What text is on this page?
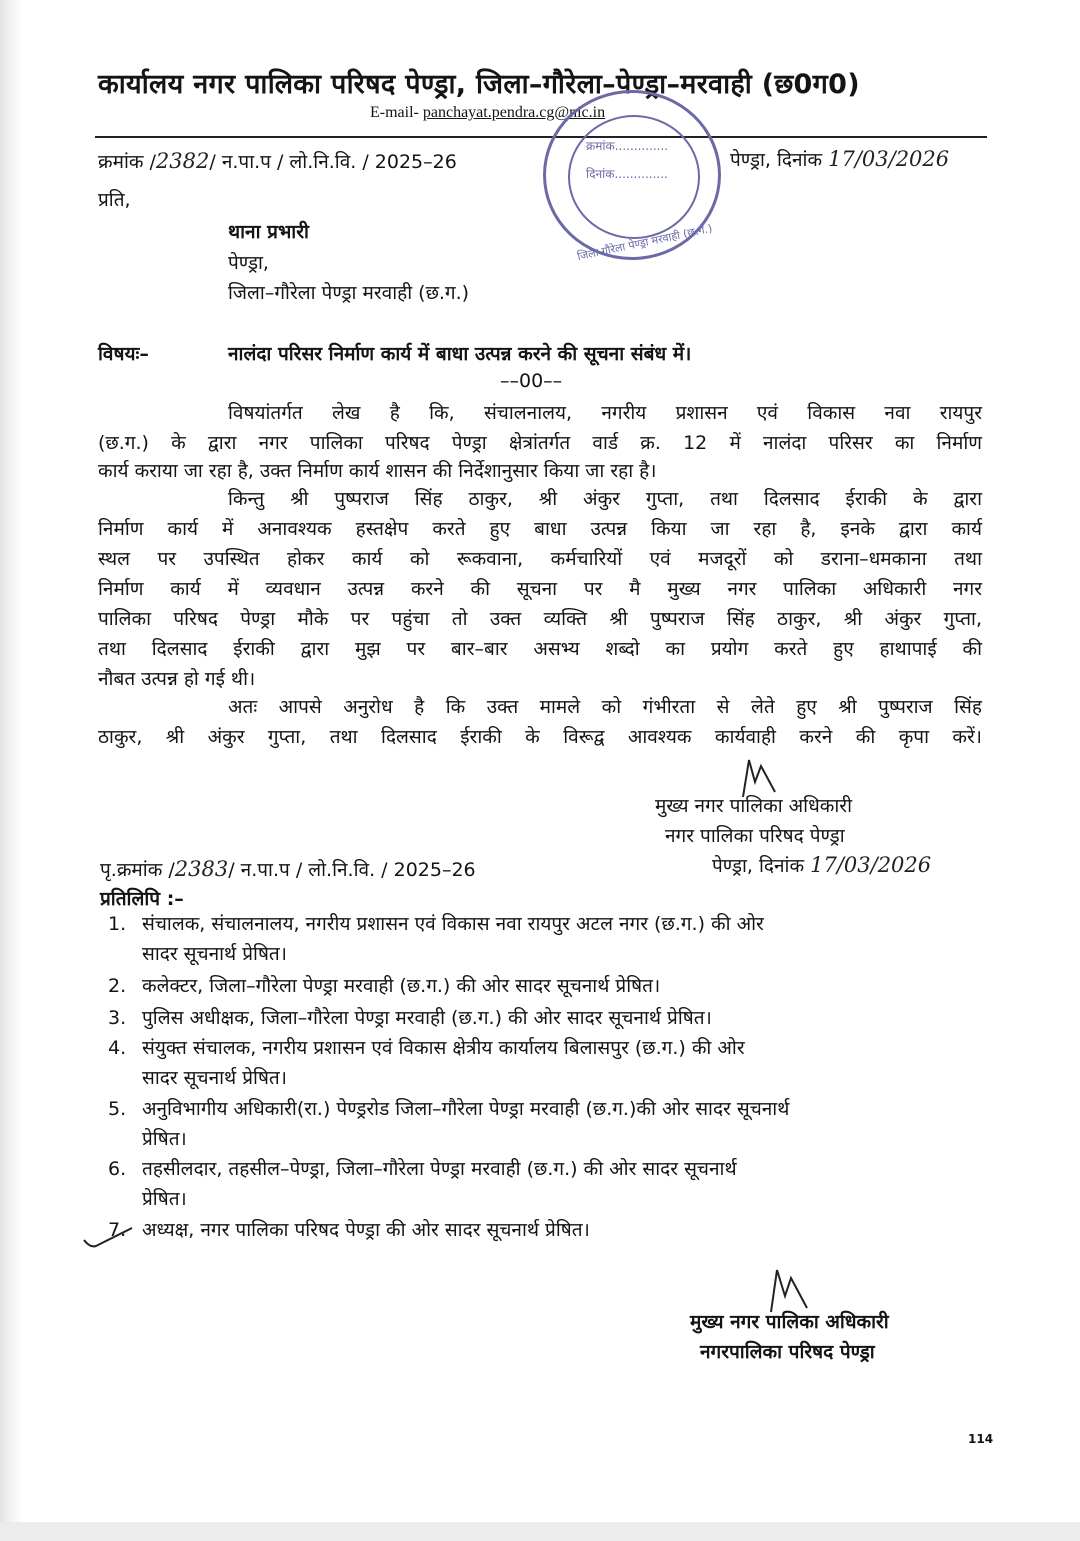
कार्यालय नगर पालिका परिषद पेण्ड्रा, जिला–गौरेला–पेण्ड्रा–मरवाही (छ0ग0)
E-mail- panchayat.pendra.cg@nic.in
क्रमांक..............
दिनांक..............
जिला गौरेला पेण्ड्रा मरवाही (छ.ग.)
क्रमांक /2382/ न.पा.प / लो.नि.वि. / 2025–26	पेण्ड्रा, दिनांक 17/03/2026
प्रति,
थाना प्रभारी
पेण्ड्रा,
जिला–गौरेला पेण्ड्रा मरवाही (छ.ग.)
विषयः–	नालंदा परिसर निर्माण कार्य में बाधा उत्पन्न करने की सूचना संबंध में।
––00––
विषयांतर्गत लेख है कि, संचालनालय, नगरीय प्रशासन एवं विकास नवा रायपुर
(छ.ग.) के द्वारा नगर पालिका परिषद पेण्ड्रा क्षेत्रांतर्गत वार्ड क्र. 12 में नालंदा परिसर का निर्माण
कार्य कराया जा रहा है, उक्त निर्माण कार्य शासन की निर्देशानुसार किया जा रहा है।
किन्तु श्री पुष्पराज सिंह ठाकुर, श्री अंकुर गुप्ता, तथा दिलसाद ईराकी के द्वारा
निर्माण कार्य में अनावश्यक हस्तक्षेप करते हुए बाधा उत्पन्न किया जा रहा है, इनके द्वारा कार्य
स्थल पर उपस्थित होकर कार्य को रूकवाना, कर्मचारियों एवं मजदूरों को डराना–धमकाना तथा
निर्माण कार्य में व्यवधान उत्पन्न करने की सूचना पर मै मुख्य नगर पालिका अधिकारी नगर
पालिका परिषद पेण्ड्रा मौके पर पहुंचा तो उक्त व्यक्ति श्री पुष्पराज सिंह ठाकुर, श्री अंकुर गुप्ता,
तथा दिलसाद ईराकी द्वारा मुझ पर बार–बार असभ्य शब्दो का प्रयोग करते हुए हाथापाई की
नौबत उत्पन्न हो गई थी।
अतः आपसे अनुरोध है कि उक्त मामले को गंभीरता से लेते हुए श्री पुष्पराज सिंह
ठाकुर, श्री अंकुर गुप्ता, तथा दिलसाद ईराकी के विरूद्व आवश्यक कार्यवाही करने की कृपा करें।
मुख्य नगर पालिका अधिकारी
नगर पालिका परिषद पेण्ड्रा
पृ.क्रमांक /2383/ न.पा.प / लो.नि.वि. / 2025–26	पेण्ड्रा, दिनांक 17/03/2026
प्रतिलिपि :–
1. संचालक, संचालनालय, नगरीय प्रशासन एवं विकास नवा रायपुर अटल नगर (छ.ग.) की ओर
सादर सूचनार्थ प्रेषित।
2. कलेक्टर, जिला–गौरेला पेण्ड्रा मरवाही (छ.ग.) की ओर सादर सूचनार्थ प्रेषित।
3. पुलिस अधीक्षक, जिला–गौरेला पेण्ड्रा मरवाही (छ.ग.) की ओर सादर सूचनार्थ प्रेषित।
4. संयुक्त संचालक, नगरीय प्रशासन एवं विकास क्षेत्रीय कार्यालय बिलासपुर (छ.ग.) की ओर
सादर सूचनार्थ प्रेषित।
5. अनुविभागीय अधिकारी(रा.) पेण्ड्ररोड जिला–गौरेला पेण्ड्रा मरवाही (छ.ग.)की ओर सादर सूचनार्थ
प्रेषित।
6. तहसीलदार, तहसील–पेण्ड्रा, जिला–गौरेला पेण्ड्रा मरवाही (छ.ग.) की ओर सादर सूचनार्थ
प्रेषित।
7. अध्यक्ष, नगर पालिका परिषद पेण्ड्रा की ओर सादर सूचनार्थ प्रेषित।
मुख्य नगर पालिका अधिकारी
नगरपालिका परिषद पेण्ड्रा
114
